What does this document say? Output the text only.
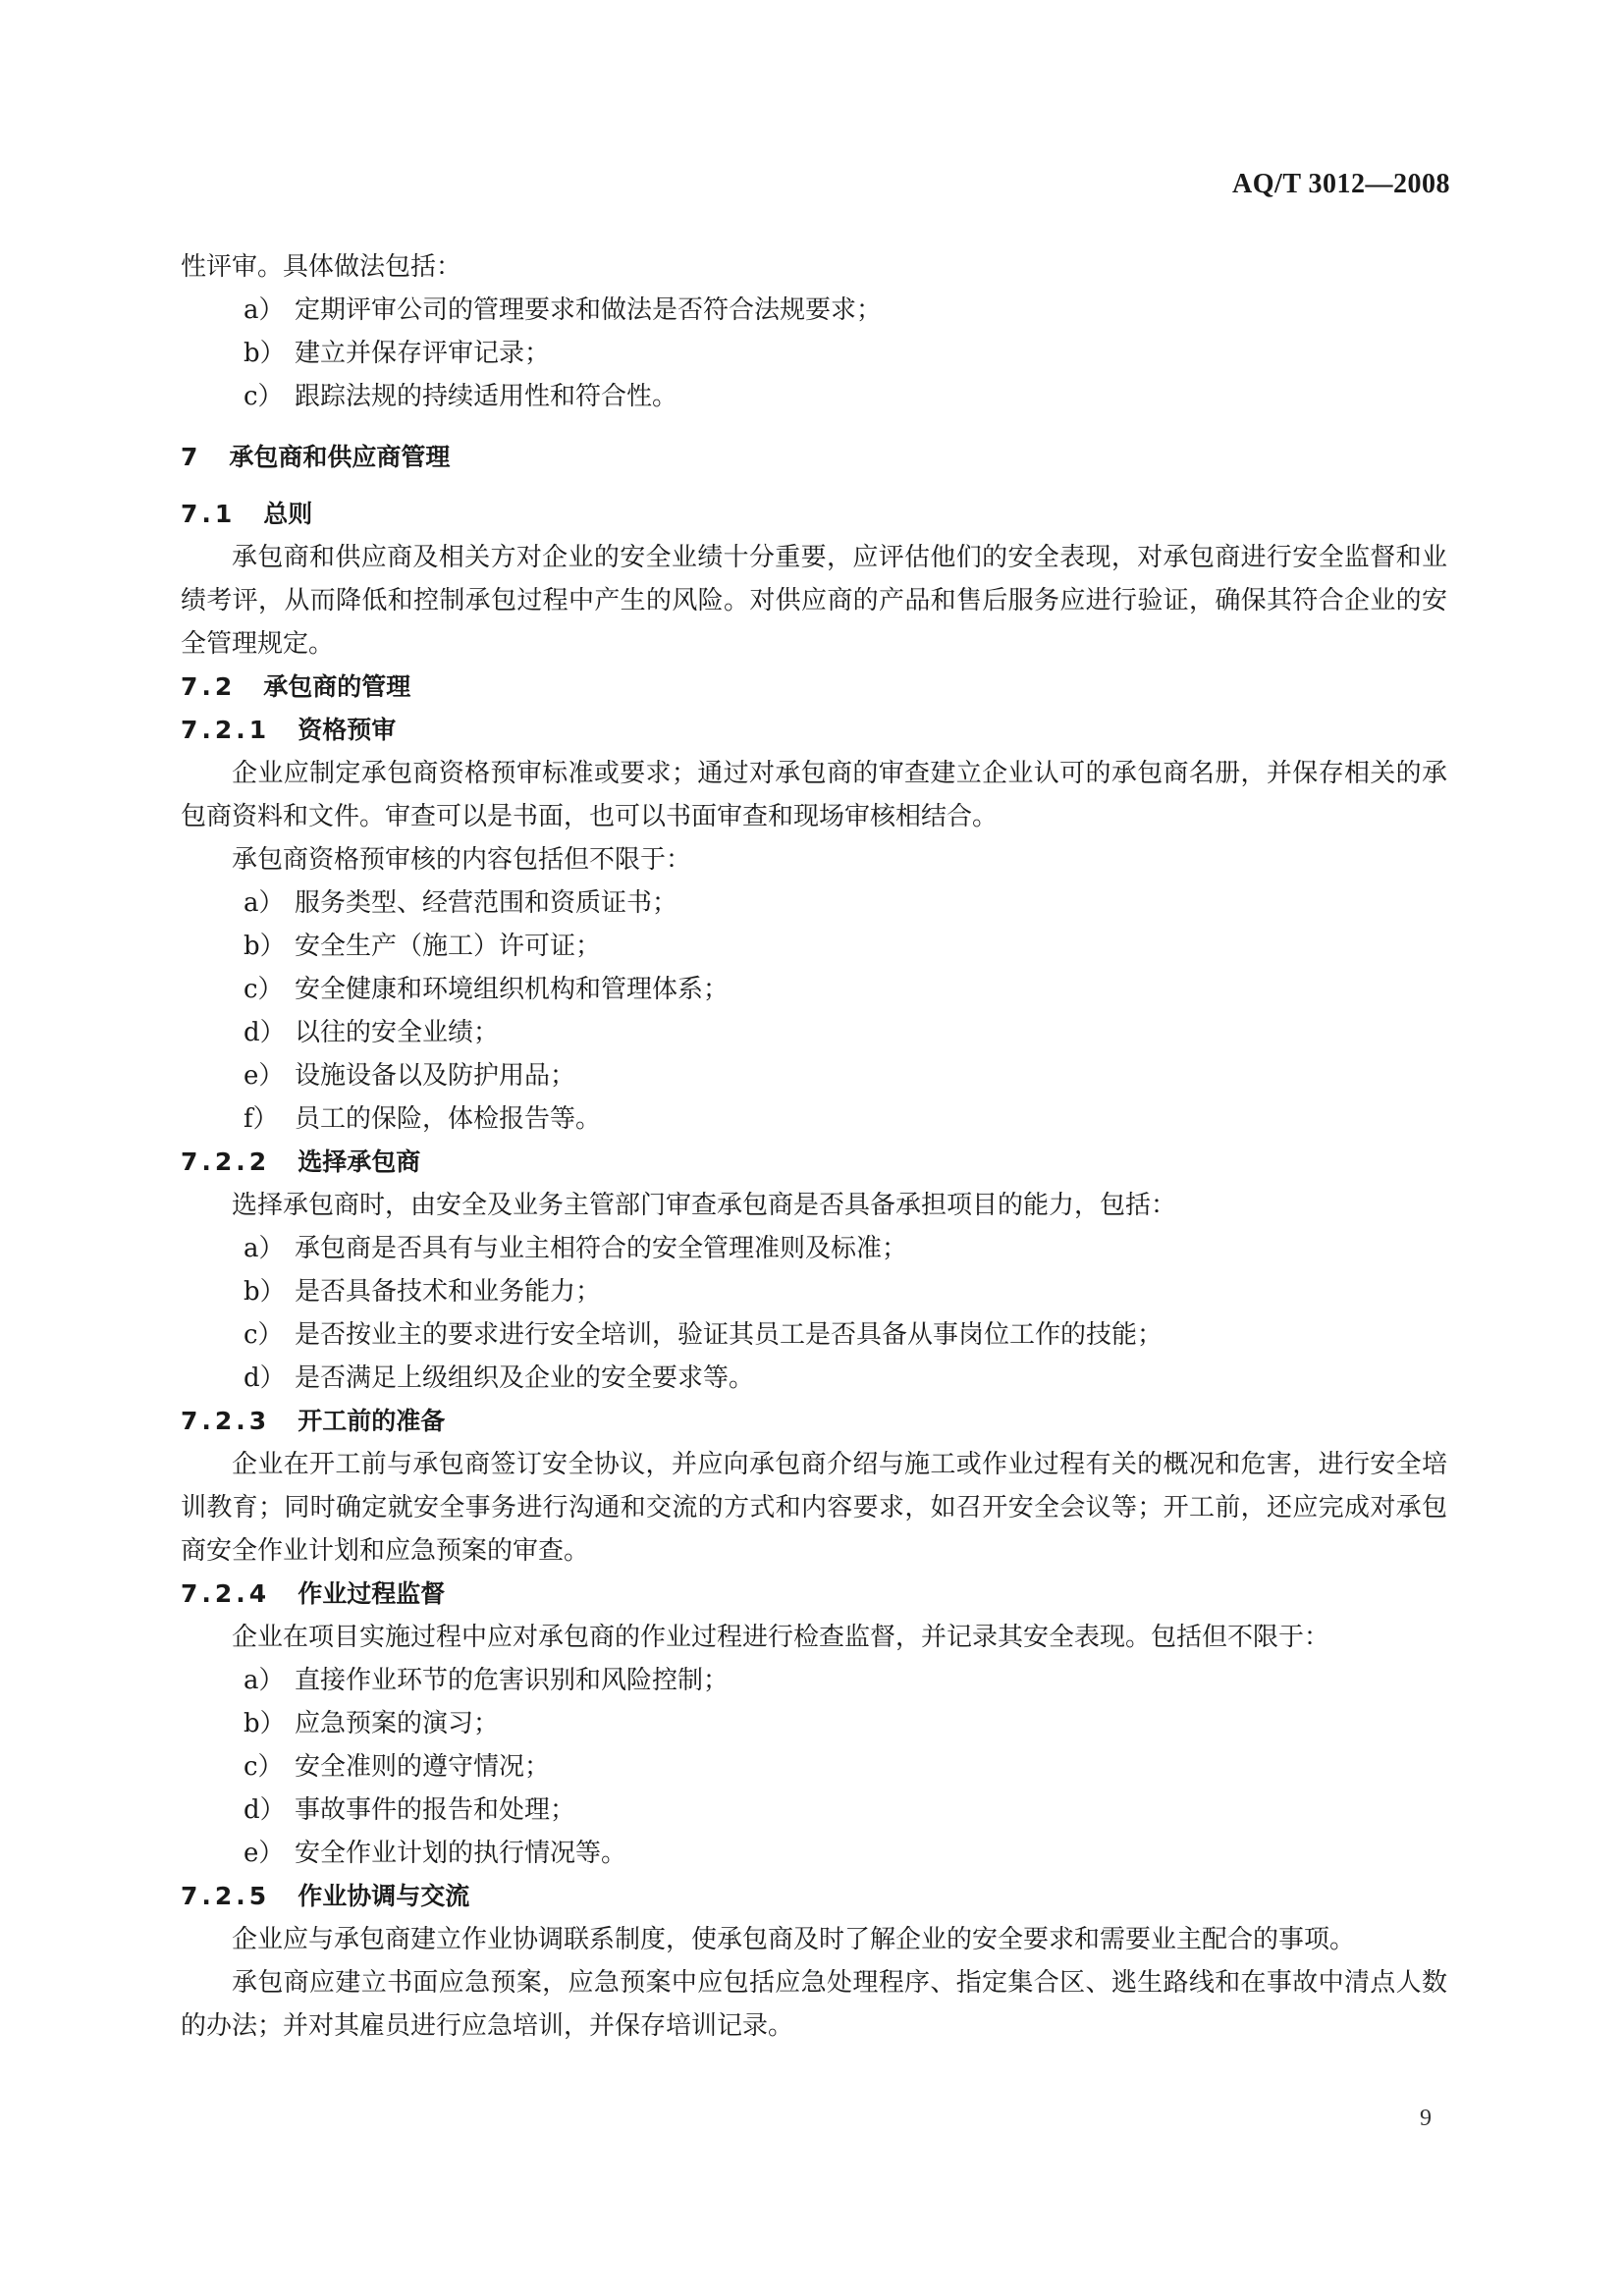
AQ/T 3012—2008

性评审。具体做法包括：

a） 定期评审公司的管理要求和做法是否符合法规要求；

b） 建立并保存评审记录；

c） 跟踪法规的持续适用性和符合性。

7 承包商和供应商管理

7.1 总则

承包商和供应商及相关方对企业的安全业绩十分重要，应评估他们的安全表现，对承包商进行安全监督和业绩考评，从而降低和控制承包过程中产生的风险。对供应商的产品和售后服务应进行验证，确保其符合企业的安全管理规定。

7.2 承包商的管理

7.2.1 资格预审

企业应制定承包商资格预审标准或要求；通过对承包商的审查建立企业认可的承包商名册，并保存相关的承包商资料和文件。审查可以是书面，也可以书面审查和现场审核相结合。

承包商资格预审核的内容包括但不限于：

a） 服务类型、经营范围和资质证书；

b） 安全生产（施工）许可证；

c） 安全健康和环境组织机构和管理体系；

d） 以往的安全业绩；

e） 设施设备以及防护用品；

f） 员工的保险，体检报告等。

7.2.2 选择承包商

选择承包商时，由安全及业务主管部门审查承包商是否具备承担项目的能力，包括：

a） 承包商是否具有与业主相符合的安全管理准则及标准；

b） 是否具备技术和业务能力；

c） 是否按业主的要求进行安全培训，验证其员工是否具备从事岗位工作的技能；

d） 是否满足上级组织及企业的安全要求等。

7.2.3 开工前的准备

企业在开工前与承包商签订安全协议，并应向承包商介绍与施工或作业过程有关的概况和危害，进行安全培训教育；同时确定就安全事务进行沟通和交流的方式和内容要求，如召开安全会议等；开工前，还应完成对承包商安全作业计划和应急预案的审查。

7.2.4 作业过程监督

企业在项目实施过程中应对承包商的作业过程进行检查监督，并记录其安全表现。包括但不限于：

a） 直接作业环节的危害识别和风险控制；

b） 应急预案的演习；

c） 安全准则的遵守情况；

d） 事故事件的报告和处理；

e） 安全作业计划的执行情况等。

7.2.5 作业协调与交流

企业应与承包商建立作业协调联系制度，使承包商及时了解企业的安全要求和需要业主配合的事项。

承包商应建立书面应急预案，应急预案中应包括应急处理程序、指定集合区、逃生路线和在事故中清点人数的办法；并对其雇员进行应急培训，并保存培训记录。

9
